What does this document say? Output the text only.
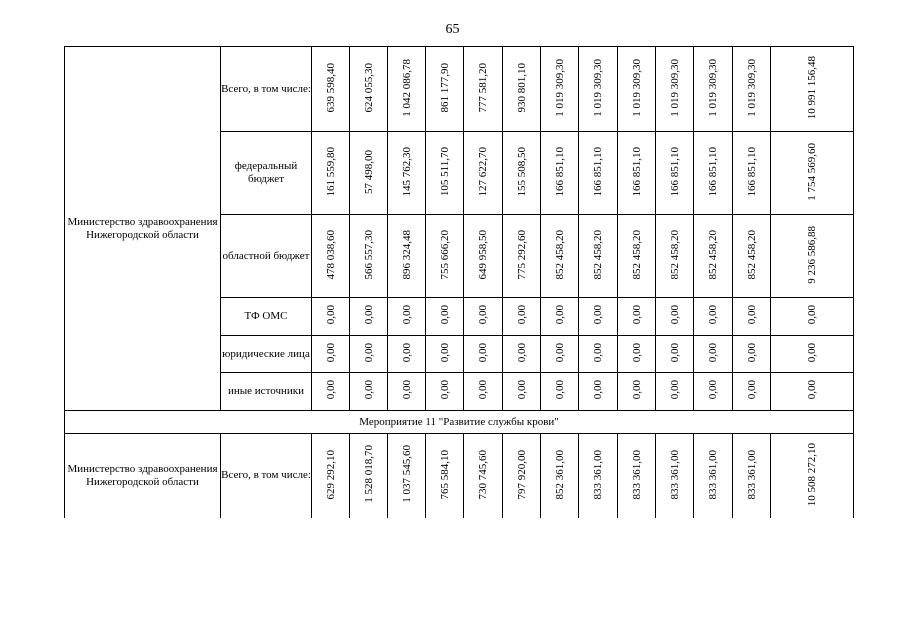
65
Министерство здравоохранения Нижегородской области	Всего, в том числе:	639 598,40	624 055,30	1 042 086,78	861 177,90	777 581,20	930 801,10	1 019 309,30	1 019 309,30	1 019 309,30	1 019 309,30	1 019 309,30	1 019 309,30	10 991 156,48
	федеральный бюджет	161 559,80	57 498,00	145 762,30	105 511,70	127 622,70	155 508,50	166 851,10	166 851,10	166 851,10	166 851,10	166 851,10	166 851,10	1 754 569,60
	областной бюджет	478 038,60	566 557,30	896 324,48	755 666,20	649 958,50	775 292,60	852 458,20	852 458,20	852 458,20	852 458,20	852 458,20	852 458,20	9 236 586,88
	ТФ ОМС	0,00	0,00	0,00	0,00	0,00	0,00	0,00	0,00	0,00	0,00	0,00	0,00	0,00
	юридические лица	0,00	0,00	0,00	0,00	0,00	0,00	0,00	0,00	0,00	0,00	0,00	0,00	0,00
	иные источники	0,00	0,00	0,00	0,00	0,00	0,00	0,00	0,00	0,00	0,00	0,00	0,00	0,00
Мероприятие 11 "Развитие службы крови"														
Министерство здравоохранения Нижегородской области	Всего, в том числе:	629 292,10	1 528 018,70	1 037 545,60	765 584,10	730 745,60	797 920,00	852 361,00	833 361,00	833 361,00	833 361,00	833 361,00	833 361,00	10 508 272,10
